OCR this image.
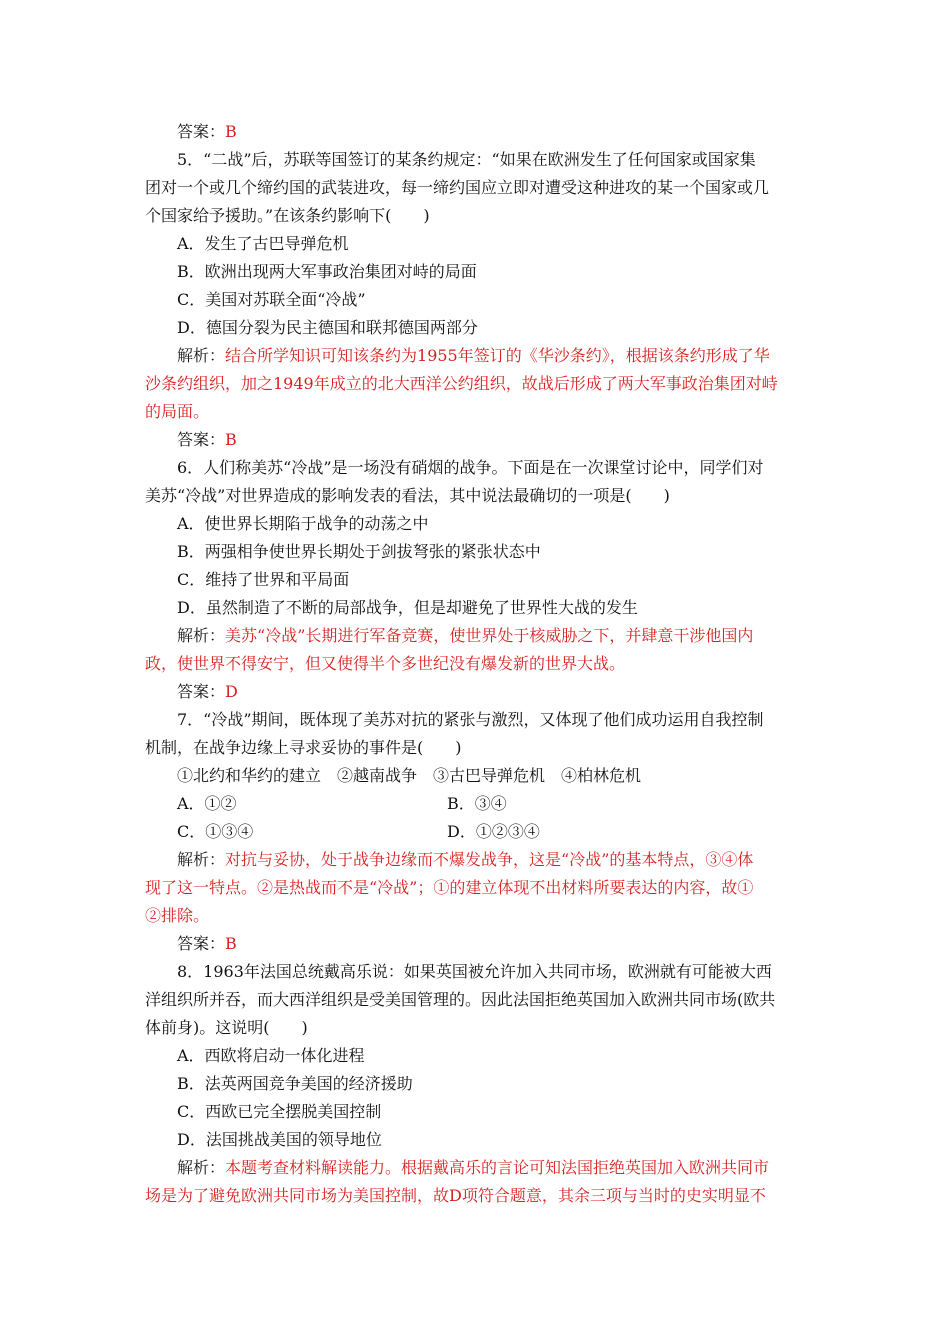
答案：B
5．“二战”后，苏联等国签订的某条约规定：“如果在欧洲发生了任何国家或国家集
团对一个或几个缔约国的武装进攻，每一缔约国应立即对遭受这种进攻的某一个国家或几
个国家给予援助。”在该条约影响下(　　)
A．发生了古巴导弹危机
B．欧洲出现两大军事政治集团对峙的局面
C．美国对苏联全面“冷战”
D．德国分裂为民主德国和联邦德国两部分
解析：结合所学知识可知该条约为1955年签订的《华沙条约》，根据该条约形成了华
沙条约组织，加之1949年成立的北大西洋公约组织，故战后形成了两大军事政治集团对峙
的局面。
答案：B
6．人们称美苏“冷战”是一场没有硝烟的战争。下面是在一次课堂讨论中，同学们对
美苏“冷战”对世界造成的影响发表的看法，其中说法最确切的一项是(　　)
A．使世界长期陷于战争的动荡之中
B．两强相争使世界长期处于剑拔弩张的紧张状态中
C．维持了世界和平局面
D．虽然制造了不断的局部战争，但是却避免了世界性大战的发生
解析：美苏“冷战”长期进行军备竞赛，使世界处于核威胁之下，并肆意干涉他国内
政，使世界不得安宁，但又使得半个多世纪没有爆发新的世界大战。
答案：D
7．“冷战”期间，既体现了美苏对抗的紧张与激烈，又体现了他们成功运用自我控制
机制，在战争边缘上寻求妥协的事件是(　　)
①北约和华约的建立　②越南战争　③古巴导弹危机　④柏林危机
A．①②	B．③④
C．①③④	D．①②③④
解析：对抗与妥协，处于战争边缘而不爆发战争，这是“冷战”的基本特点，③④体
现了这一特点。②是热战而不是“冷战”；①的建立体现不出材料所要表达的内容，故①
②排除。
答案：B
8．1963年法国总统戴高乐说：如果英国被允许加入共同市场，欧洲就有可能被大西
洋组织所并吞，而大西洋组织是受美国管理的。因此法国拒绝英国加入欧洲共同市场(欧共
体前身)。这说明(　　)
A．西欧将启动一体化进程
B．法英两国竞争美国的经济援助
C．西欧已完全摆脱美国控制
D．法国挑战美国的领导地位
解析：本题考查材料解读能力。根据戴高乐的言论可知法国拒绝英国加入欧洲共同市
场是为了避免欧洲共同市场为美国控制，故D项符合题意，其余三项与当时的史实明显不
